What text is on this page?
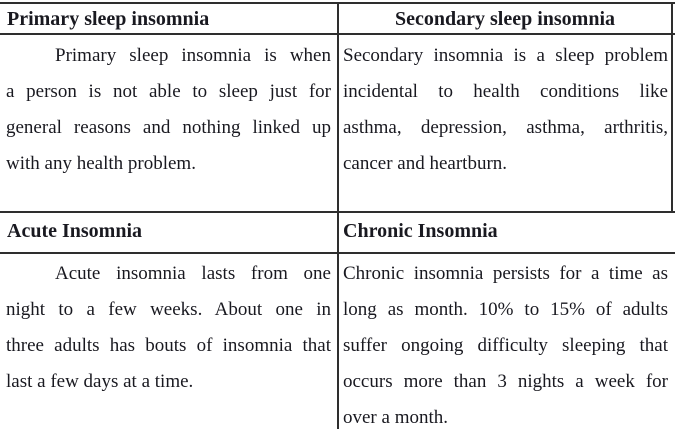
Primary sleep insomnia	Secondary sleep insomnia
Primary sleep insomnia is when
a person is not able to sleep just for
general reasons and nothing linked up
with any health problem.
Secondary insomnia is a sleep problem
incidental to health conditions like
asthma, depression, asthma, arthritis,
cancer and heartburn.
Acute Insomnia	Chronic Insomnia
Acute insomnia lasts from one
night to a few weeks. About one in
three adults has bouts of insomnia that
last a few days at a time.
Chronic insomnia persists for a time as
long as month. 10% to 15% of adults
suffer ongoing difficulty sleeping that
occurs more than 3 nights a week for
over a month.
